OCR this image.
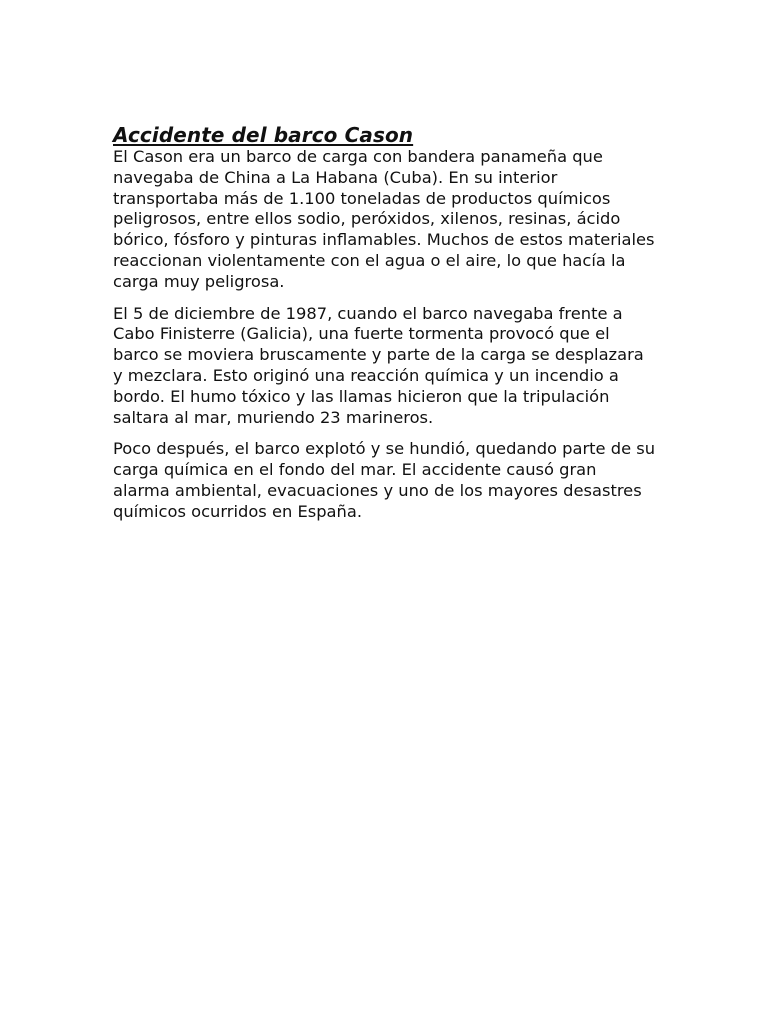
Accidente del barco Cason

El Cason era un barco de carga con bandera panameña que navegaba de China a La Habana (Cuba). En su interior transportaba más de 1.100 toneladas de productos químicos peligrosos, entre ellos sodio, peróxidos, xilenos, resinas, ácido bórico, fósforo y pinturas inflamables. Muchos de estos materiales reaccionan violentamente con el agua o el aire, lo que hacía la carga muy peligrosa.

El 5 de diciembre de 1987, cuando el barco navegaba frente a Cabo Finisterre (Galicia), una fuerte tormenta provocó que el barco se moviera bruscamente y parte de la carga se desplazara y mezclara. Esto originó una reacción química y un incendio a bordo. El humo tóxico y las llamas hicieron que la tripulación saltara al mar, muriendo 23 marineros.

Poco después, el barco explotó y se hundió, quedando parte de su carga química en el fondo del mar. El accidente causó gran alarma ambiental, evacuaciones y uno de los mayores desastres químicos ocurridos en España.
